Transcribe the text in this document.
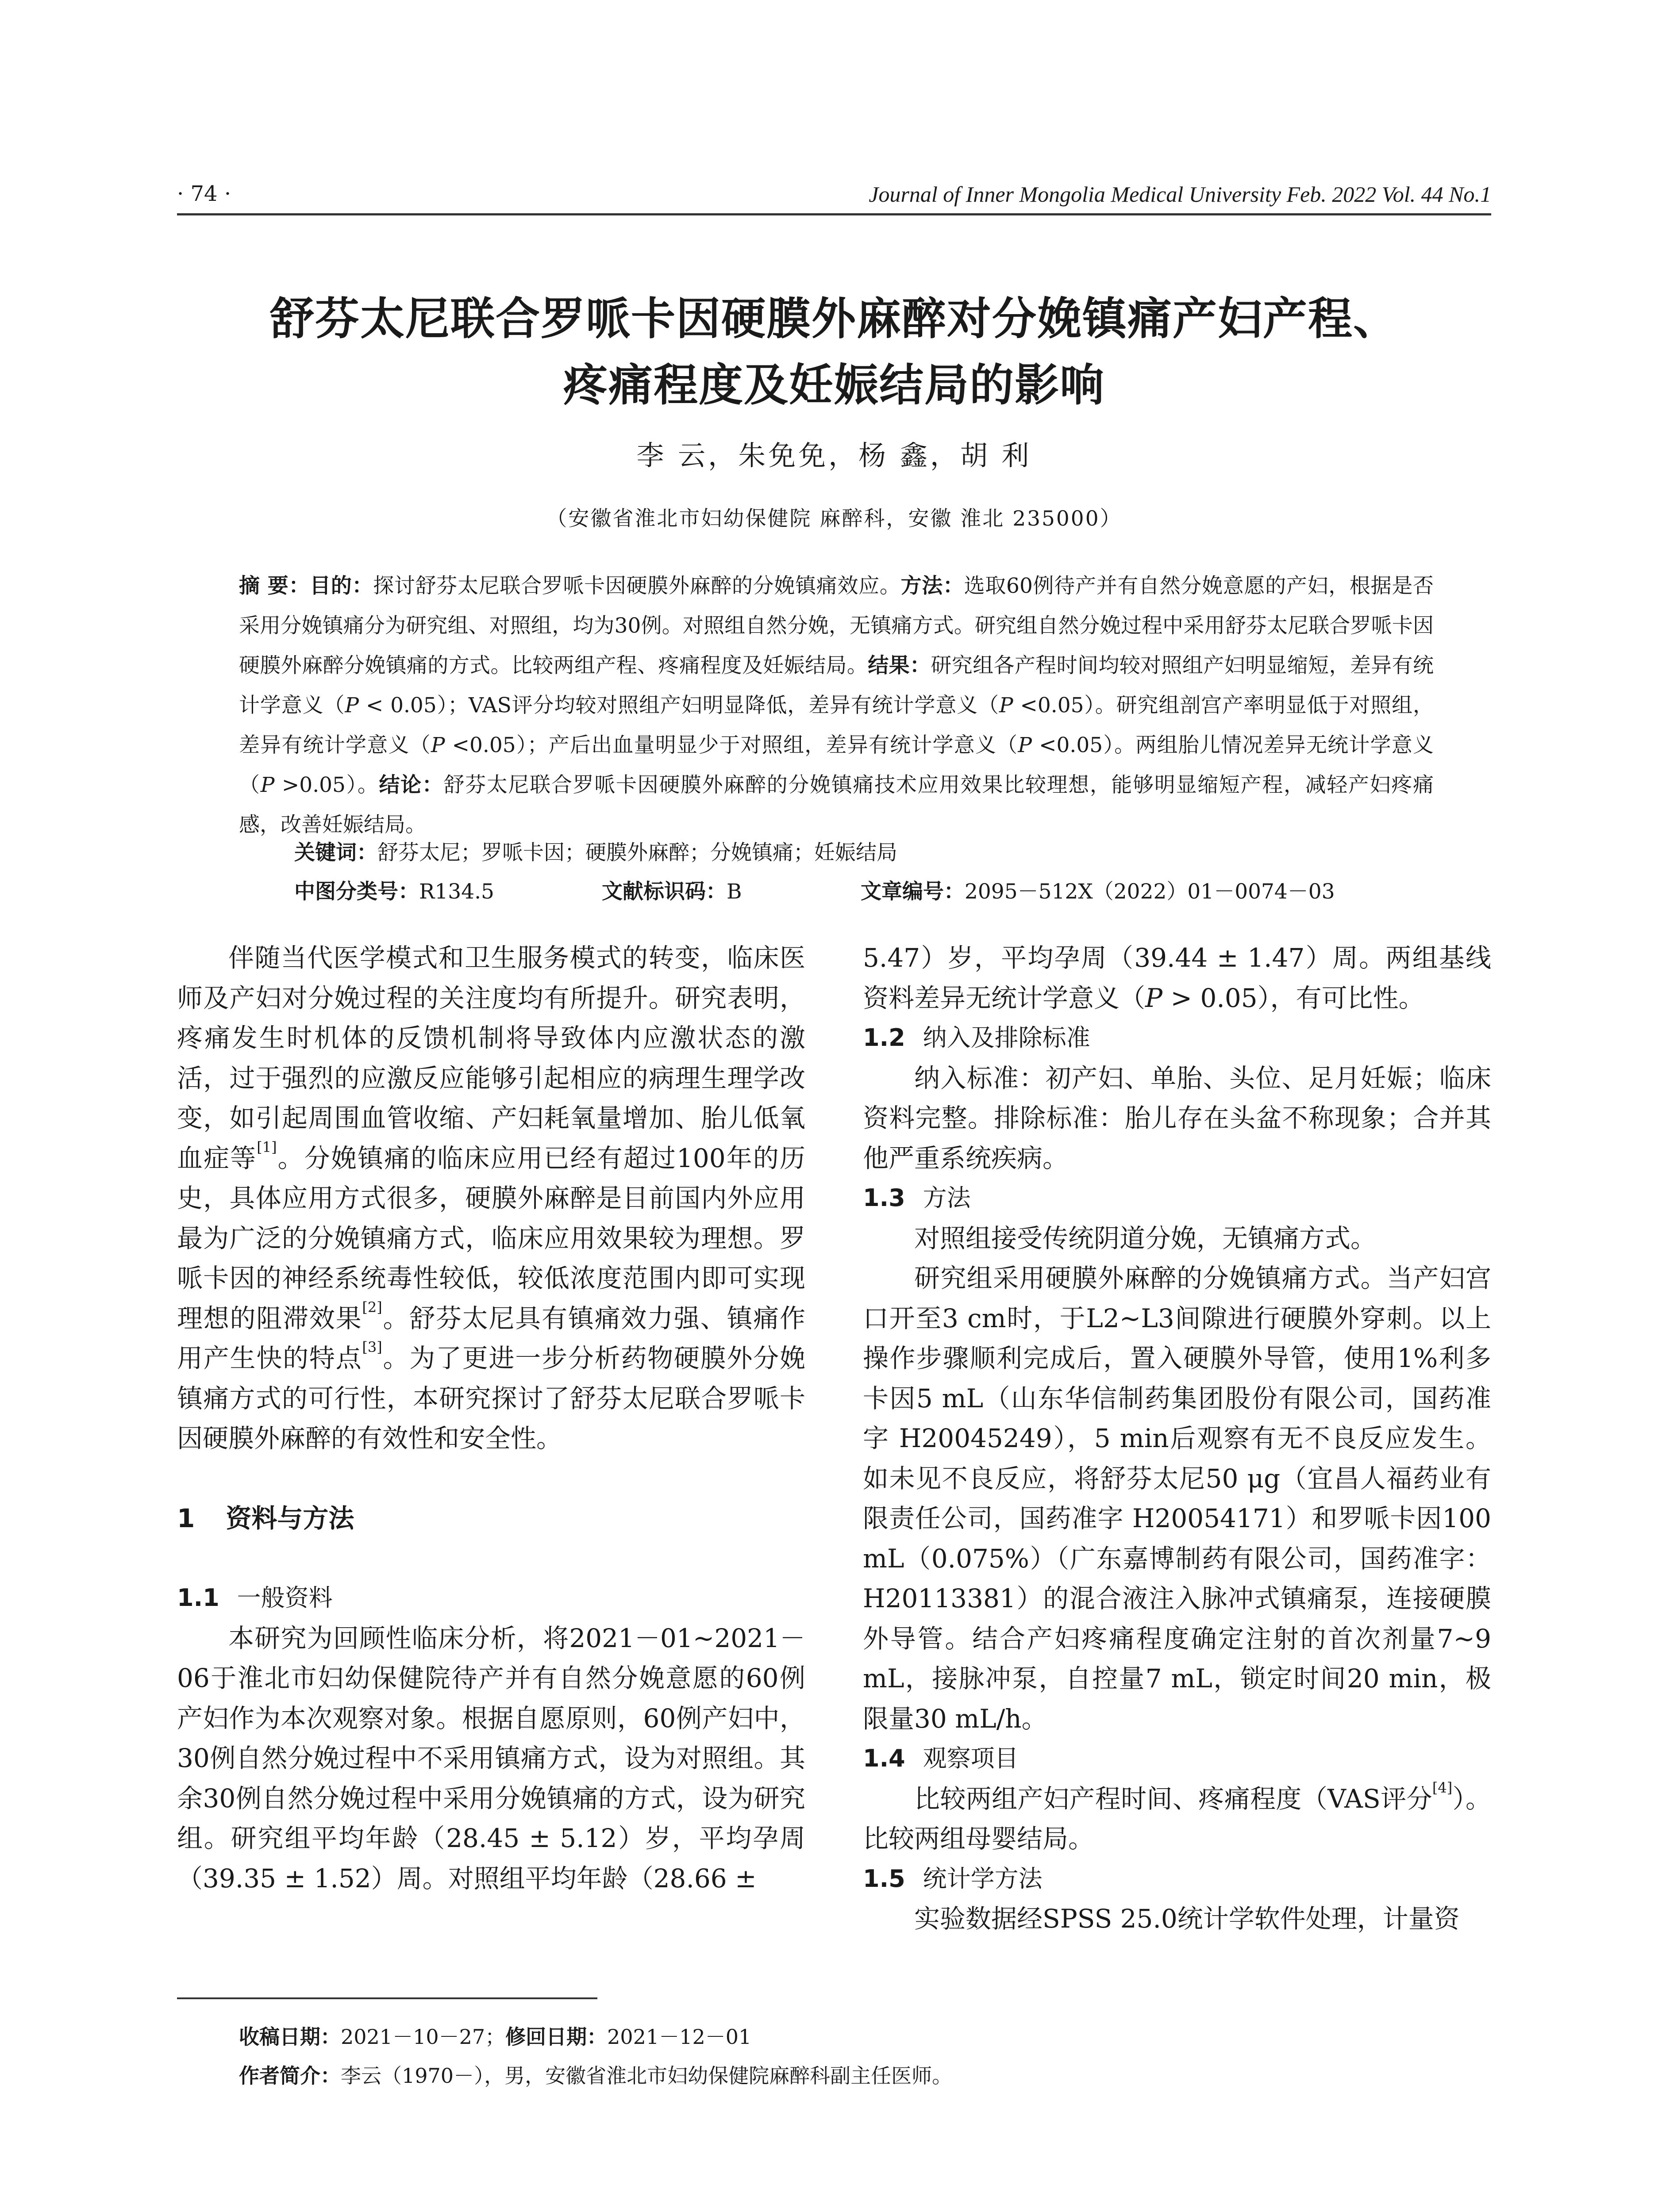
· 74 ·	Journal of Inner Mongolia Medical University Feb. 2022 Vol. 44 No.1
舒芬太尼联合罗哌卡因硬膜外麻醉对分娩镇痛产妇产程、
疼痛程度及妊娠结局的影响
李 云，朱免免，杨 鑫，胡 利
（安徽省淮北市妇幼保健院 麻醉科，安徽 淮北 235000）
摘 要：目的：探讨舒芬太尼联合罗哌卡因硬膜外麻醉的分娩镇痛效应。方法：选取60例待产并有自然分娩意愿的产妇，根据是否采用分娩镇痛分为研究组、对照组，均为30例。对照组自然分娩，无镇痛方式。研究组自然分娩过程中采用舒芬太尼联合罗哌卡因硬膜外麻醉分娩镇痛的方式。比较两组产程、疼痛程度及妊娠结局。结果：研究组各产程时间均较对照组产妇明显缩短，差异有统计学意义（P < 0.05）；VAS评分均较对照组产妇明显降低，差异有统计学意义（P <0.05）。研究组剖宫产率明显低于对照组，差异有统计学意义（P <0.05）；产后出血量明显少于对照组，差异有统计学意义（P <0.05）。两组胎儿情况差异无统计学意义（P >0.05）。结论：舒芬太尼联合罗哌卡因硬膜外麻醉的分娩镇痛技术应用效果比较理想，能够明显缩短产程，减轻产妇疼痛感，改善妊娠结局。
关键词：舒芬太尼；罗哌卡因；硬膜外麻醉；分娩镇痛；妊娠结局
中图分类号：R134.5	文献标识码：B	文章编号：2095－512X（2022）01－0074－03

伴随当代医学模式和卫生服务模式的转变，临床医师及产妇对分娩过程的关注度均有所提升。研究表明，疼痛发生时机体的反馈机制将导致体内应激状态的激活，过于强烈的应激反应能够引起相应的病理生理学改变，如引起周围血管收缩、产妇耗氧量增加、胎儿低氧血症等[1]。分娩镇痛的临床应用已经有超过100年的历史，具体应用方式很多，硬膜外麻醉是目前国内外应用最为广泛的分娩镇痛方式，临床应用效果较为理想。罗哌卡因的神经系统毒性较低，较低浓度范围内即可实现理想的阻滞效果[2]。舒芬太尼具有镇痛效力强、镇痛作用产生快的特点[3]。为了更进一步分析药物硬膜外分娩镇痛方式的可行性，本研究探讨了舒芬太尼联合罗哌卡因硬膜外麻醉的有效性和安全性。

1 资料与方法

1.1 一般资料

本研究为回顾性临床分析，将2021－01~2021－06于淮北市妇幼保健院待产并有自然分娩意愿的60例产妇作为本次观察对象。根据自愿原则，60例产妇中，30例自然分娩过程中不采用镇痛方式，设为对照组。其余30例自然分娩过程中采用分娩镇痛的方式，设为研究组。研究组平均年龄（28.45 ± 5.12）岁，平均孕周（39.35 ± 1.52）周。对照组平均年龄（28.66 ±

5.47）岁，平均孕周（39.44 ± 1.47）周。两组基线资料差异无统计学意义（P > 0.05），有可比性。

1.2 纳入及排除标准

纳入标准：初产妇、单胎、头位、足月妊娠；临床资料完整。排除标准：胎儿存在头盆不称现象；合并其他严重系统疾病。

1.3 方法

对照组接受传统阴道分娩，无镇痛方式。

研究组采用硬膜外麻醉的分娩镇痛方式。当产妇宫口开至3 cm时，于L2~L3间隙进行硬膜外穿刺。以上操作步骤顺利完成后，置入硬膜外导管，使用1%利多卡因5 mL（山东华信制药集团股份有限公司，国药准字 H20045249），5 min后观察有无不良反应发生。如未见不良反应，将舒芬太尼50 μg（宜昌人福药业有限责任公司，国药准字 H20054171）和罗哌卡因100 mL（0.075%）（广东嘉博制药有限公司，国药准字：H20113381）的混合液注入脉冲式镇痛泵，连接硬膜外导管。结合产妇疼痛程度确定注射的首次剂量7~9 mL，接脉冲泵，自控量7 mL，锁定时间20 min，极限量30 mL/h。

1.4 观察项目

比较两组产妇产程时间、疼痛程度（VAS评分[4]）。比较两组母婴结局。

1.5 统计学方法

实验数据经SPSS 25.0统计学软件处理，计量资

收稿日期：2021－10－27；修回日期：2021－12－01
作者简介：李云（1970－），男，安徽省淮北市妇幼保健院麻醉科副主任医师。
